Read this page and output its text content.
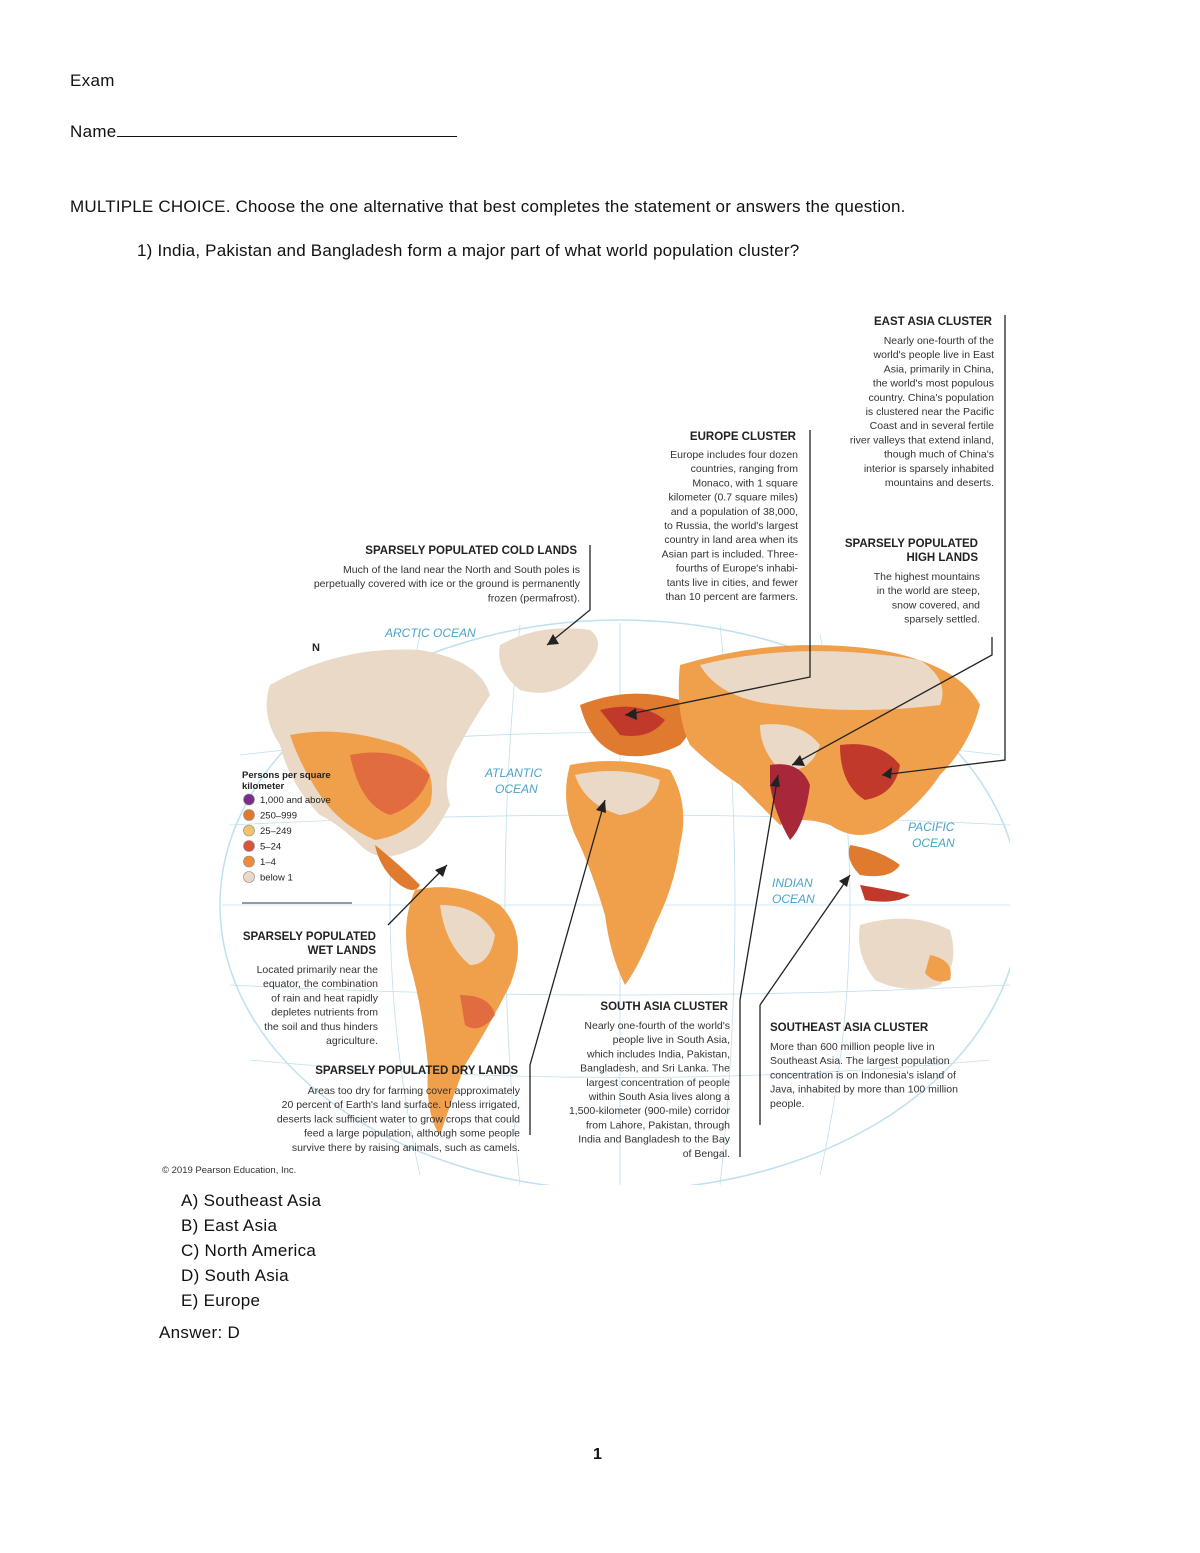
Exam
Name
MULTIPLE CHOICE. Choose the one alternative that best completes the statement or answers the question.
1) India, Pakistan and Bangladesh form a major part of what world population cluster?
ARCTIC OCEAN
ATLANTIC
OCEAN
PACIFIC
OCEAN
INDIAN
OCEAN
N
Persons per square
kilometer
1,000 and above
250–999
25–249
5–24
1–4
below 1
EAST ASIA CLUSTER
Nearly one-fourth of the
world's people live in East
Asia, primarily in China,
the world's most populous
country. China's population
is clustered near the Pacific
Coast and in several fertile
river valleys that extend inland,
though much of China's
interior is sparsely inhabited
mountains and deserts.
EUROPE CLUSTER
Europe includes four dozen
countries, ranging from
Monaco, with 1 square
kilometer (0.7 square miles)
and a population of 38,000,
to Russia, the world's largest
country in land area when its
Asian part is included. Three-
fourths of Europe's inhabi-
tants live in cities, and fewer
than 10 percent are farmers.
SPARSELY POPULATED COLD LANDS
Much of the land near the North and South poles is
perpetually covered with ice or the ground is permanently
frozen (permafrost).
SPARSELY POPULATED
HIGH LANDS
The highest mountains
in the world are steep,
snow covered, and
sparsely settled.
SPARSELY POPULATED
WET LANDS
Located primarily near the
equator, the combination
of rain and heat rapidly
depletes nutrients from
the soil and thus hinders
agriculture.
SPARSELY POPULATED DRY LANDS
Areas too dry for farming cover approximately
20 percent of Earth's land surface. Unless irrigated,
deserts lack sufficient water to grow crops that could
feed a large population, although some people
survive there by raising animals, such as camels.
SOUTH ASIA CLUSTER
Nearly one-fourth of the world's
people live in South Asia,
which includes India, Pakistan,
Bangladesh, and Sri Lanka. The
largest concentration of people
within South Asia lives along a
1,500-kilometer (900-mile) corridor
from Lahore, Pakistan, through
India and Bangladesh to the Bay
of Bengal.
SOUTHEAST ASIA CLUSTER
More than 600 million people live in
Southeast Asia. The largest population
concentration is on Indonesia's island of
Java, inhabited by more than 100 million
people.
© 2019 Pearson Education, Inc.
A) Southeast Asia
B) East Asia
C) North America
D) South Asia
E) Europe
Answer: D
1
